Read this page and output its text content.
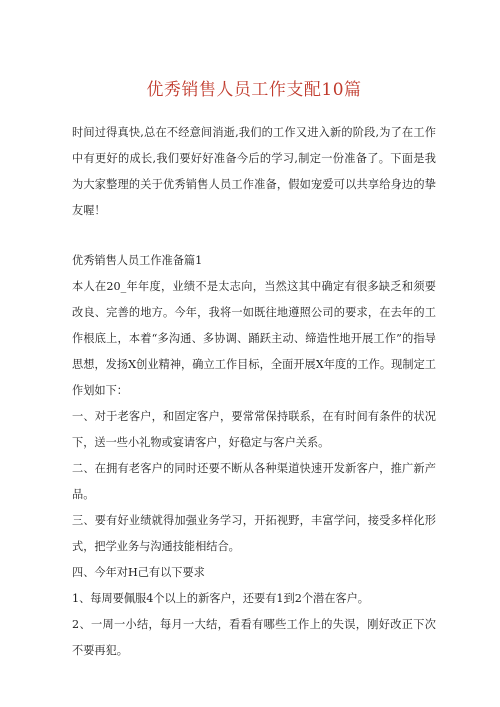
优秀销售人员工作支配10篇

时间过得真快,总在不经意间消逝,我们的工作又进入新的阶段,为了在工作中有更好的成长,我们要好好准备今后的学习,制定一份准备了。下面是我为大家整理的关于优秀销售人员工作准备，假如宠爱可以共享给身边的挚友喔！

优秀销售人员工作准备篇1

本人在20_年年度，业绩不是太志向，当然这其中确定有很多缺乏和须要改良、完善的地方。今年，我将一如既往地遵照公司的要求，在去年的工作根底上，本着“多沟通、多协调、踊跃主动、缔造性地开展工作”的指导思想，发扬X创业精神，确立工作目标，全面开展X年度的工作。现制定工作划如下：

一、对于老客户，和固定客户，要常常保持联系，在有时间有条件的状况下，送一些小礼物或宴请客户，好稳定与客户关系。

二、在拥有老客户的同时还要不断从各种渠道快速开发新客户，推广新产品。

三、要有好业绩就得加强业务学习，开拓视野，丰富学问，接受多样化形式，把学业务与沟通技能相结合。

四、今年对H己有以下要求

1、每周要佩服4个以上的新客户，还要有1到2个潜在客户。

2、一周一小结，每月一大结，看看有哪些工作上的失误，刚好改正下次不要再犯。
